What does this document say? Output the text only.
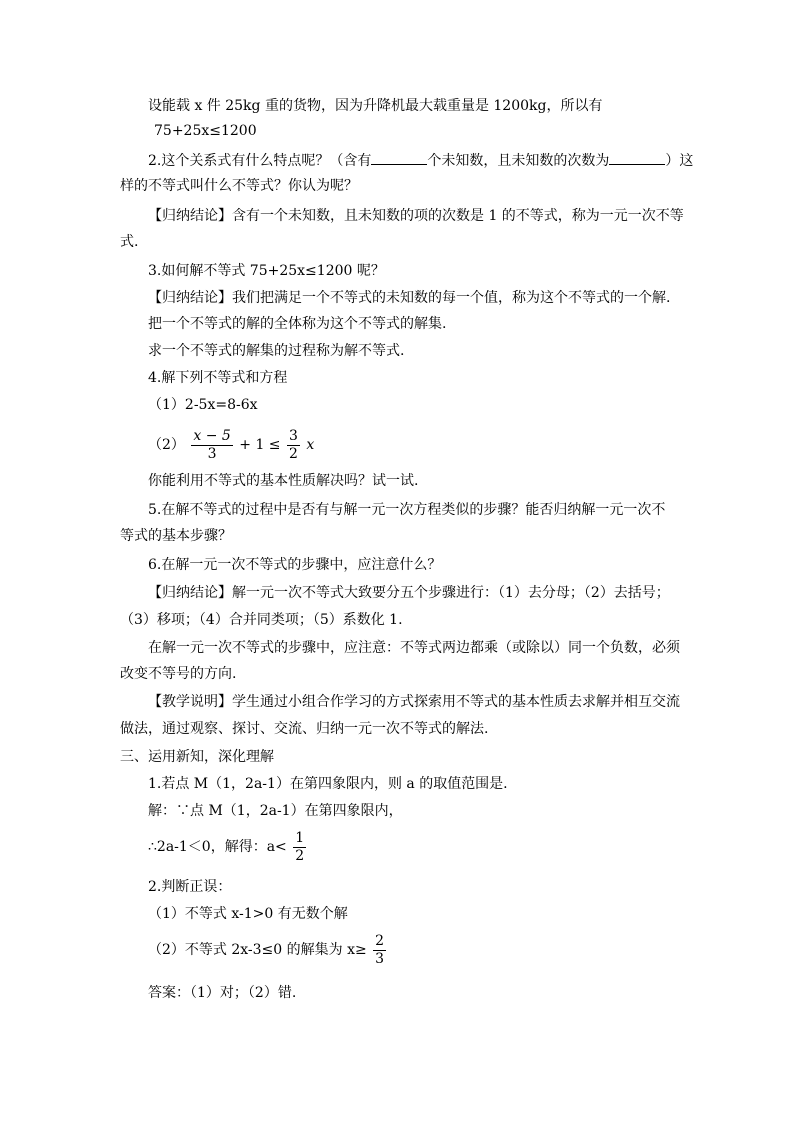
设能载 x 件 25kg 重的货物，因为升降机最大载重量是 1200kg，所以有
75+25x≤1200
2.这个关系式有什么特点呢？（含有	个未知数，且未知数的次数为	）这
样的不等式叫什么不等式？你认为呢？
【归纳结论】含有一个未知数，且未知数的项的次数是 1 的不等式，称为一元一次不等
式.
3.如何解不等式 75+25x≤1200 呢？
【归纳结论】我们把满足一个不等式的未知数的每一个值，称为这个不等式的一个解.
把一个不等式的解的全体称为这个不等式的解集.
求一个不等式的解集的过程称为解不等式.
4.解下列不等式和方程
（1）2-5x=8-6x
$(2) \frac{x - 5}{3} + 1 \le \frac{3}{2}$ x
你能利用不等式的基本性质解决吗？试一试.
5.在解不等式的过程中是否有与解一元一次方程类似的步骤？能否归纳解一元一次不
等式的基本步骤？
6.在解一元一次不等式的步骤中，应注意什么？
【归纳结论】解一元一次不等式大致要分五个步骤进行：（1）去分母；（2）去括号；
（3）移项；（4）合并同类项；（5）系数化 1.
在解一元一次不等式的步骤中，应注意：不等式两边都乘（或除以）同一个负数，必须
改变不等号的方向.
【教学说明】学生通过小组合作学习的方式探索用不等式的基本性质去求解并相互交流
做法，通过观察、探讨、交流、归纳一元一次不等式的解法.
三、运用新知，深化理解
1.若点 M（1，2a-1）在第四象限内，则 a 的取值范围是.
解：∵点 M（1，2a-1）在第四象限内，
∴2a-1＜0，解得：$a< \frac{1}{2}$
2.判断正误：
（1）不等式 x-1>0 有无数个解
（2）不等式 2x-3≤0 的解集为 $x\ge \frac{2}{3}$
答案：（1）对；（2）错.
